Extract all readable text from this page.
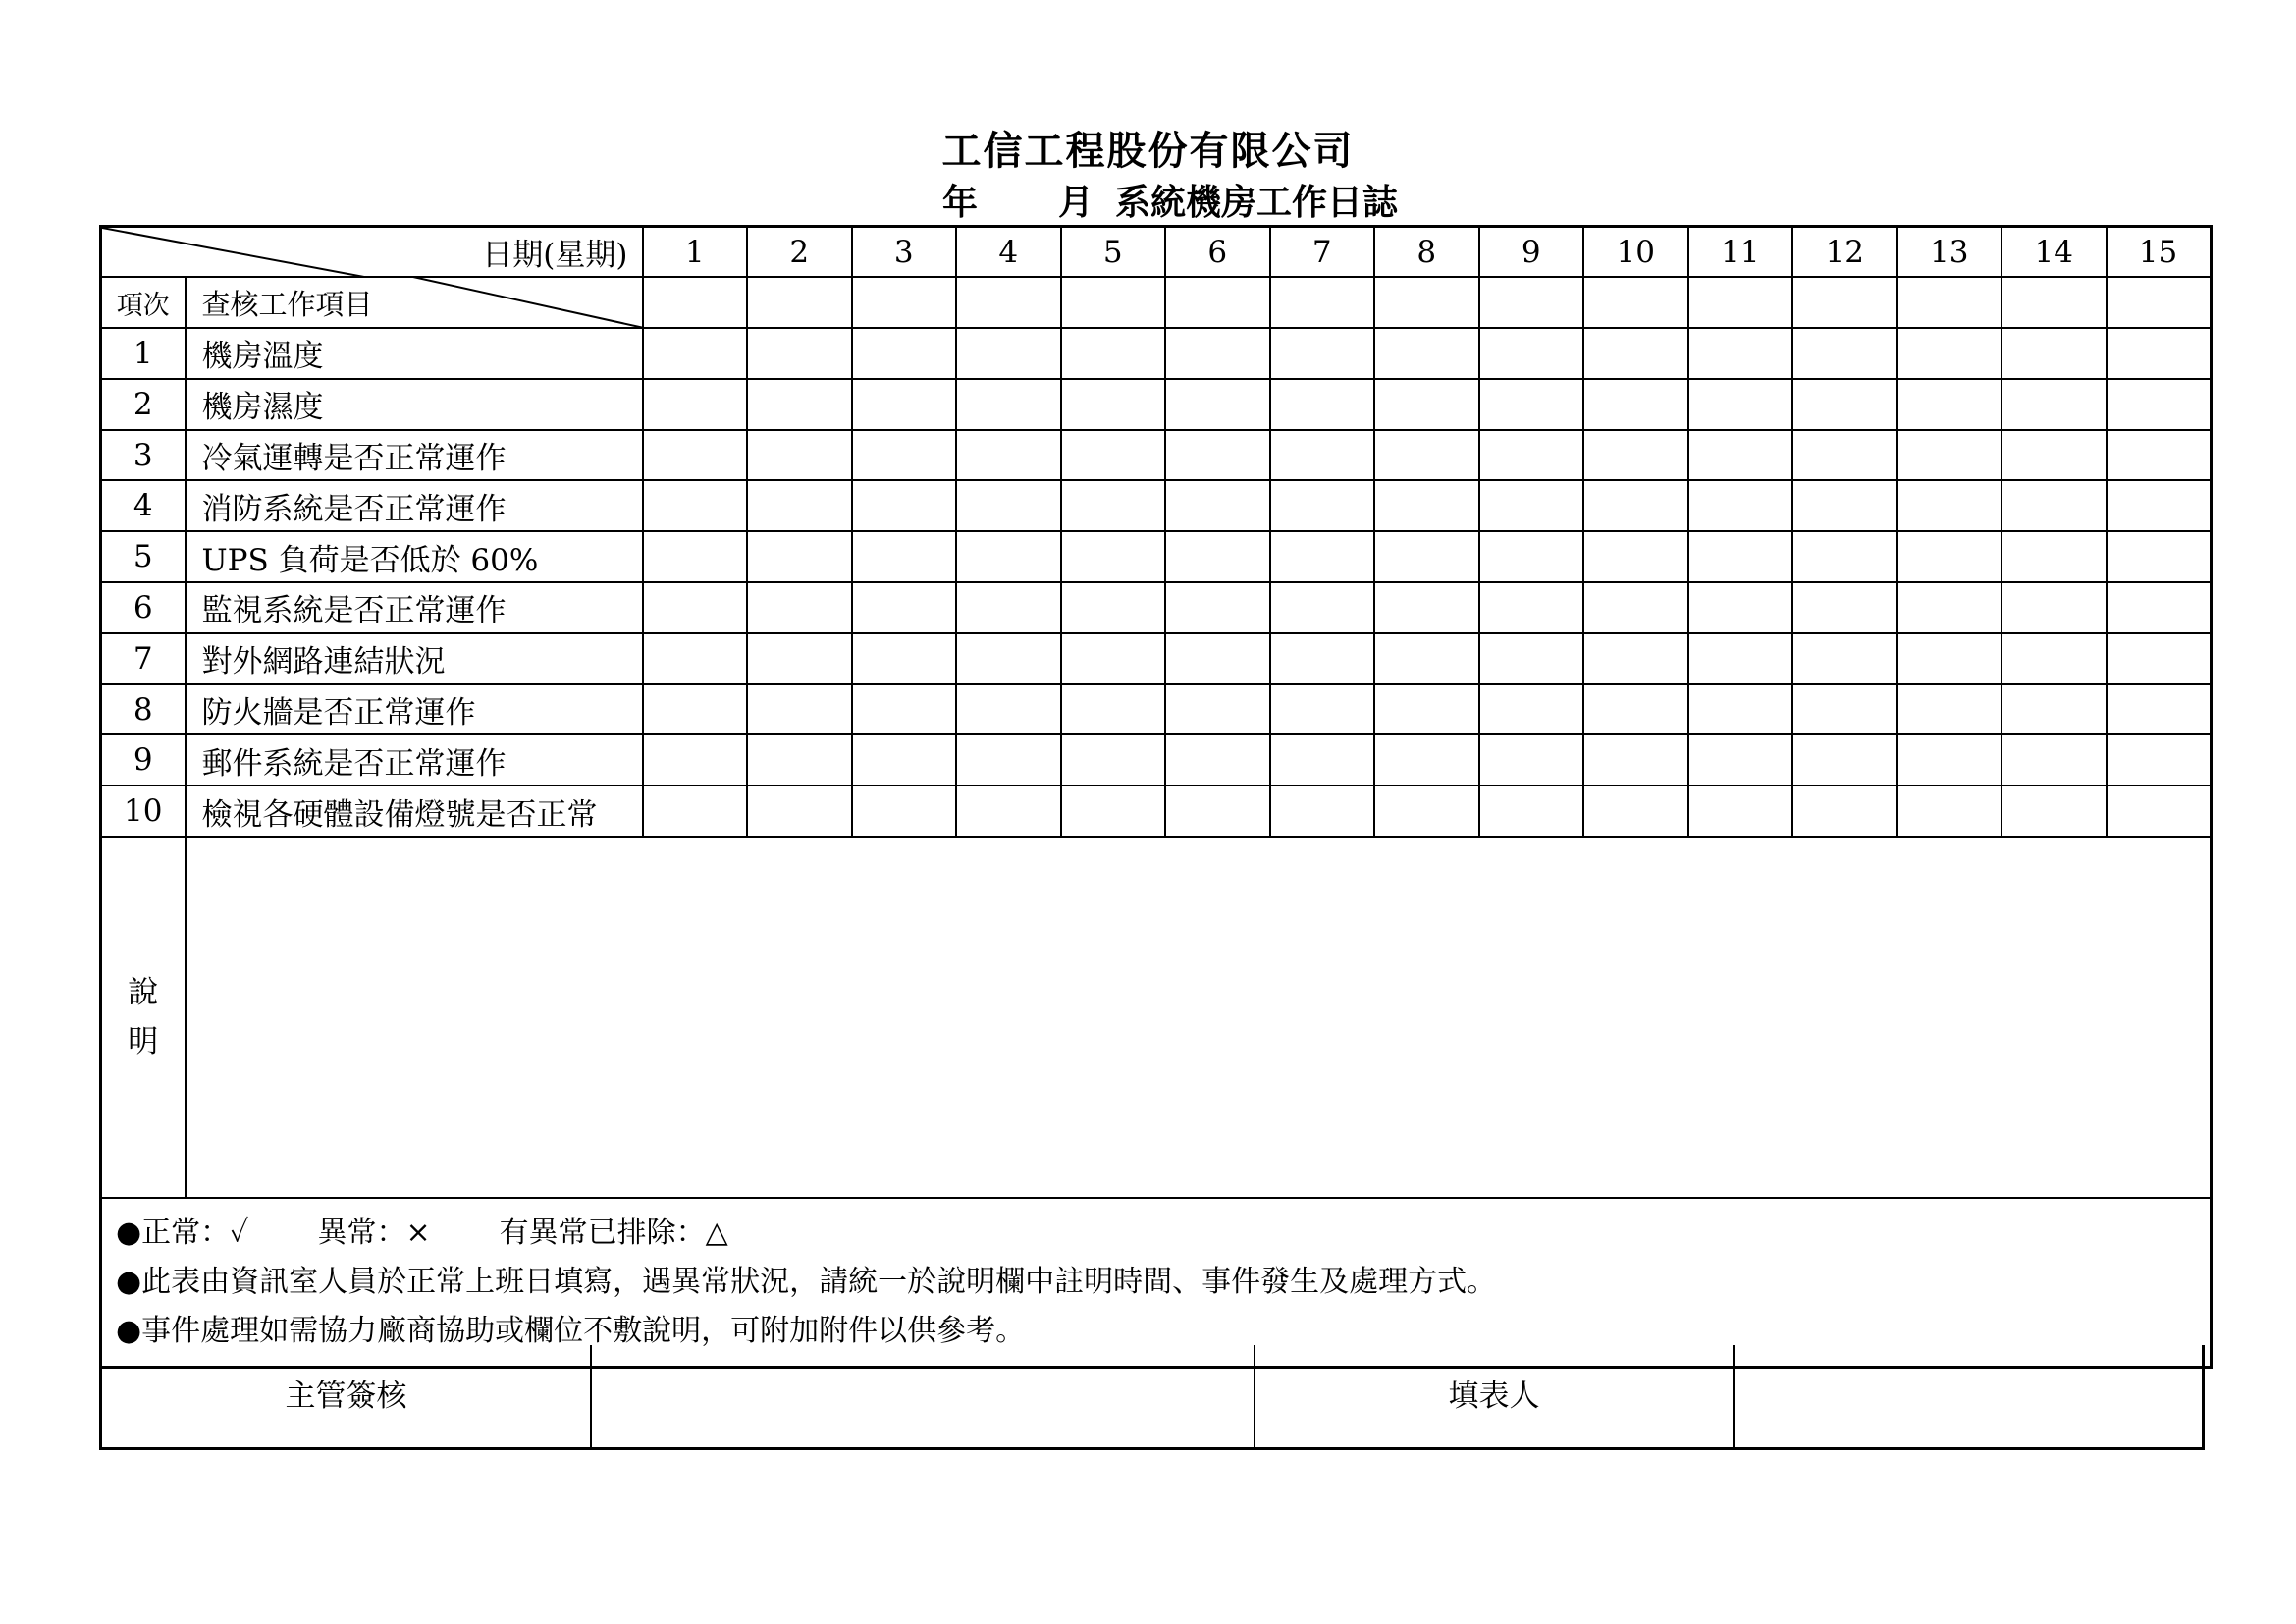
工信工程股份有限公司
年 月 系統機房工作日誌
日期(星期)		1	2	3	4	5	6	7	8	9	10	11	12	13	14	15
項次	查核工作項目															
1	機房溫度															
2	機房濕度															
3	冷氣運轉是否正常運作															
4	消防系統是否正常運作															
5	UPS 負荷是否低於 60%															
6	監視系統是否正常運作															
7	對外網路連結狀況															
8	防火牆是否正常運作															
9	郵件系統是否正常運作															
10	檢視各硬體設備燈號是否正常															

說
明																

●正常：✓ 異常：× 有異常已排除：△
●此表由資訊室人員於正常上班日填寫，遇異常狀況，請統一於說明欄中註明時間、事件發生及處理方式。
●事件處理如需協力廠商協助或欄位不敷說明，可附加附件以供參考。																
主管簽核	填表人
